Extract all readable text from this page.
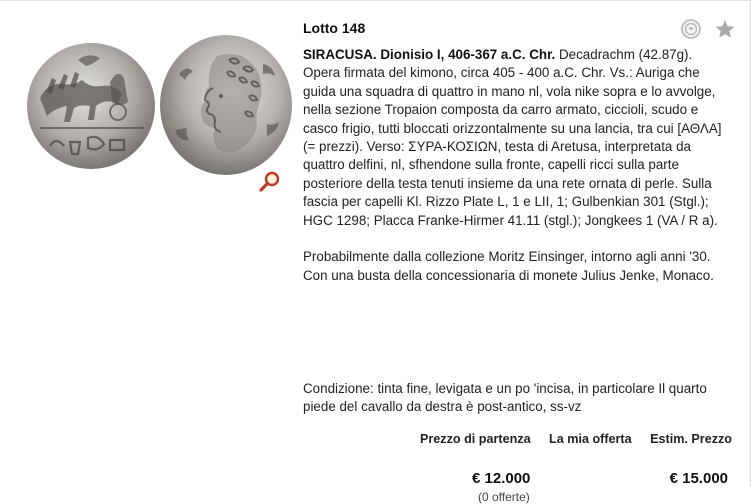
Lotto 148

SIRACUSA. Dionisio I, 406-367 a.C. Chr. Decadrachm (42.87g). Opera firmata del kimono, circa 405 - 400 a.C. Chr. Vs.: Auriga che guida una squadra di quattro in mano nl, vola nike sopra e lo avvolge, nella sezione Tropaion composta da carro armato, ciccioli, scudo e casco frigio, tutti bloccati orizzontalmente su una lancia, tra cui [ΑΘΛΑ] (= prezzi). Verso: ΣΥΡΑ-ΚΟΣΙΩΝ, testa di Aretusa, interpretata da quattro delfini, nl, sfhendone sulla fronte, capelli ricci sulla parte posteriore della testa tenuti insieme da una rete ornata di perle. Sulla fascia per capelli Kl. Rizzo Plate L, 1 e LII, 1; Gulbenkian 301 (Stgl.); HGC 1298; Placca Franke-Hirmer 41.11 (stgl.); Jongkees 1 (VA / R a).

Probabilmente dalla collezione Moritz Einsinger, intorno agli anni '30. Con una busta della concessionaria di monete Julius Jenke, Monaco.

Condizione: tinta fine, levigata e un po 'incisa, in particolare Il quarto piede del cavallo da destra è post-antico, ss-vz
Prezzo di partenza La mia offerta Estim. Prezzo
€ 12.000
(0 offerte)
€ 15.000
